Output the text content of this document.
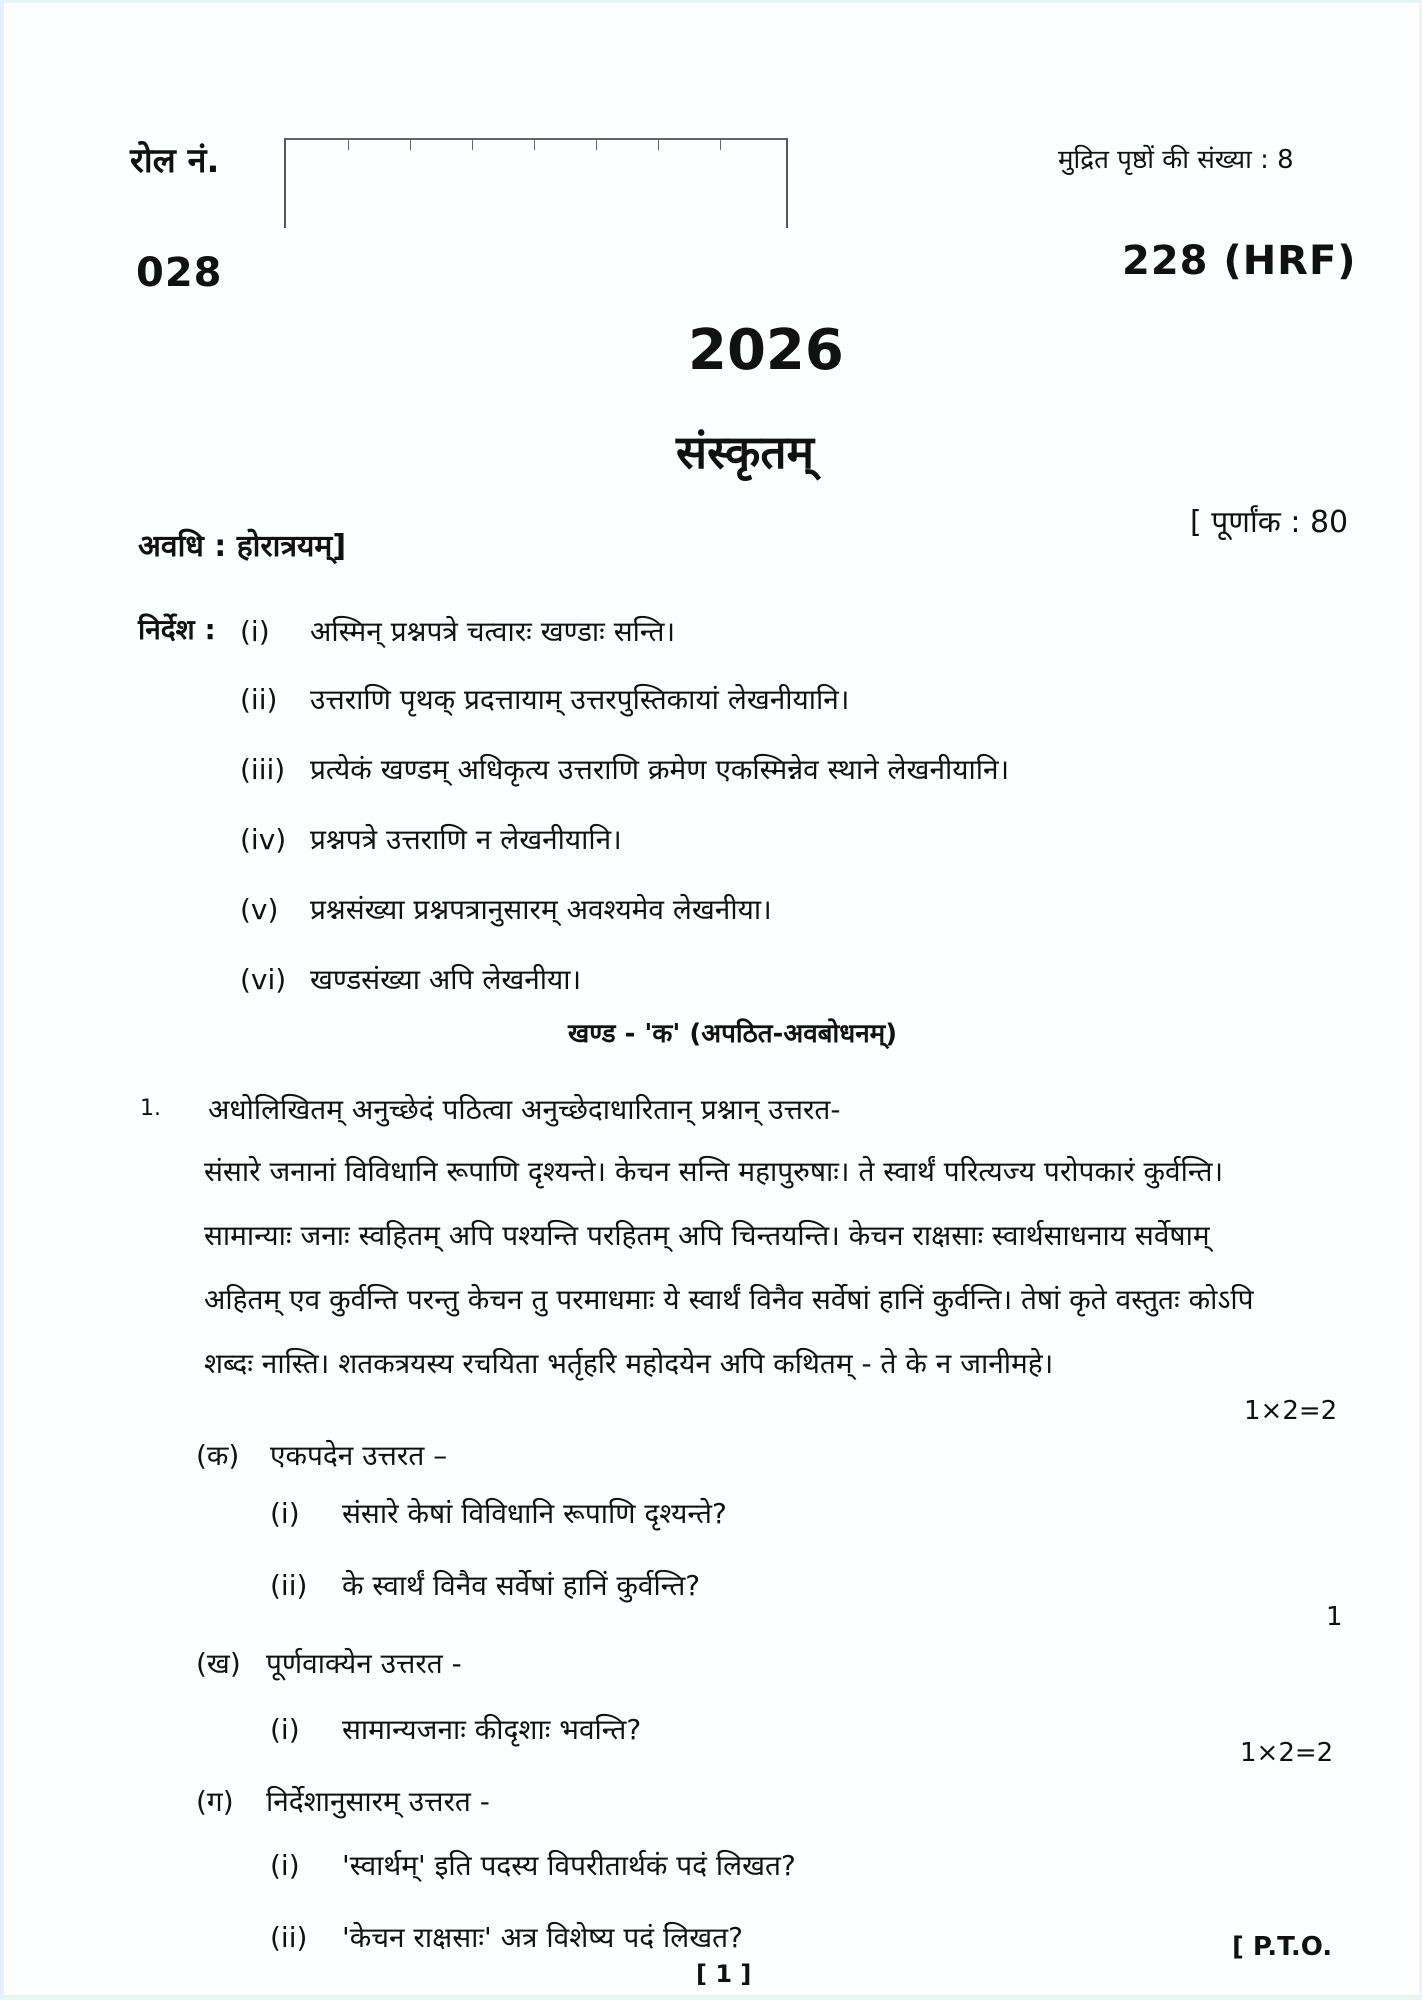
रोल नं.	मुद्रित पृष्ठों की संख्या : 8
028	228 (HRF)
2026
संस्कृतम्
अवधि : होरात्रयम्]
[ पूर्णांक : 80
निर्देश : (i) अस्मिन् प्रश्नपत्रे चत्वारः खण्डाः सन्ति।
(ii) उत्तराणि पृथक् प्रदत्तायाम् उत्तरपुस्तिकायां लेखनीयानि।
(iii) प्रत्येकं खण्डम् अधिकृत्य उत्तराणि क्रमेण एकस्मिन्नेव स्थाने लेखनीयानि।
(iv) प्रश्नपत्रे उत्तराणि न लेखनीयानि।
(v) प्रश्नसंख्या प्रश्नपत्रानुसारम् अवश्यमेव लेखनीया।
(vi) खण्डसंख्या अपि लेखनीया।
खण्ड - 'क' (अपठित-अवबोधनम्)
1. अधोलिखितम् अनुच्छेदं पठित्वा अनुच्छेदाधारितान् प्रश्नान् उत्तरत-
संसारे जनानां विविधानि रूपाणि दृश्यन्ते। केचन सन्ति महापुरुषाः। ते स्वार्थं परित्यज्य परोपकारं कुर्वन्ति।
सामान्याः जनाः स्वहितम् अपि पश्यन्ति परहितम् अपि चिन्तयन्ति। केचन राक्षसाः स्वार्थसाधनाय सर्वेषाम्
अहितम् एव कुर्वन्ति परन्तु केचन तु परमाधमाः ये स्वार्थं विनैव सर्वेषां हानिं कुर्वन्ति। तेषां कृते वस्तुतः कोऽपि
शब्दः नास्ति। शतकत्रयस्य रचयिता भर्तृहरि महोदयेन अपि कथितम् - ते के न जानीमहे।
1×2=2
(क) एकपदेन उत्तरत –
(i) संसारे केषां विविधानि रूपाणि दृश्यन्ते?
(ii) के स्वार्थं विनैव सर्वेषां हानिं कुर्वन्ति?
1
(ख) पूर्णवाक्येन उत्तरत -
(i) सामान्यजनाः कीदृशाः भवन्ति?
1×2=2
(ग) निर्देशानुसारम् उत्तरत -
(i) 'स्वार्थम्' इति पदस्य विपरीतार्थकं पदं लिखत?
(ii) 'केचन राक्षसाः' अत्र विशेष्य पदं लिखत?
[ 1 ]
[ P.T.O.
